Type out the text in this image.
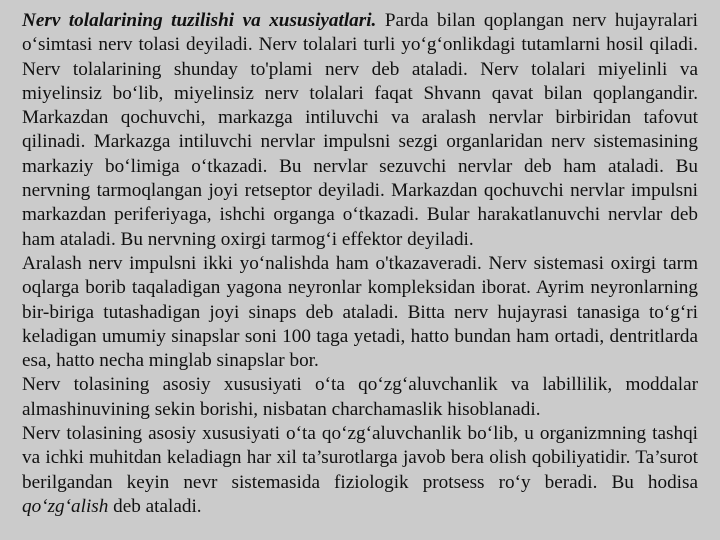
Nerv tolalarining tuzilishi va xususiyatlari. Parda bilan qoplangan nerv hujayralari o‘simtasi nerv tolasi deyiladi. Nerv tolalari turli yo‘g‘onlikdagi tutamlarni hosil qiladi. Nerv tolalarining shunday to'plami nerv deb ataladi. Nerv tolalari miyelinli va miyelinsiz bo‘lib, miyelinsiz nerv tolalari faqat Shvann qavat bilan qoplangandir. Markazdan qochuvchi, markazga intiluvchi va aralash nervlar birbiridan tafovut qilinadi. Markazga intiluvchi nervlar impulsni sezgi organlaridan nerv sistemasining markaziy bo‘limiga o‘tkazadi. Bu nervlar sezuvchi nervlar deb ham ataladi. Bu nervning tarmoqlangan joyi retseptor deyiladi. Markazdan qochuvchi nervlar impulsni markazdan periferiyaga, ishchi organga o‘tkazadi. Bular harakatlanuvchi nervlar deb ham ataladi. Bu nervning oxirgi tarmog‘i effektor deyiladi.

Aralash nerv impulsni ikki yo‘nalishda ham o'tkazaveradi. Nerv sistemasi oxirgi tarm oqlarga borib taqaladigan yagona neyronlar kompleksidan iborat. Ayrim neyronlarning bir-biriga tutashadigan joyi sinaps deb ataladi. Bitta nerv hujayrasi tanasiga to‘g‘ri keladigan umumiy sinapslar soni 100 taga yetadi, hatto bundan ham ortadi, dentritlarda esa, hatto necha minglab sinapslar bor.

Nerv tolasining asosiy xususiyati o‘ta qo‘zg‘aluvchanlik va labillilik, moddalar almashinuvining sekin borishi, nisbatan charchamaslik hisoblanadi.

Nerv tolasining asosiy xususiyati o‘ta qo‘zg‘aluvchanlik bo‘lib, u organizmning tashqi va ichki muhitdan keladiagn har xil ta’surotlarga javob bera olish qobiliyatidir. Ta’surot berilgandan keyin nevr sistemasida fiziologik protsess ro‘y beradi. Bu hodisa qo‘zg‘alish deb ataladi.
